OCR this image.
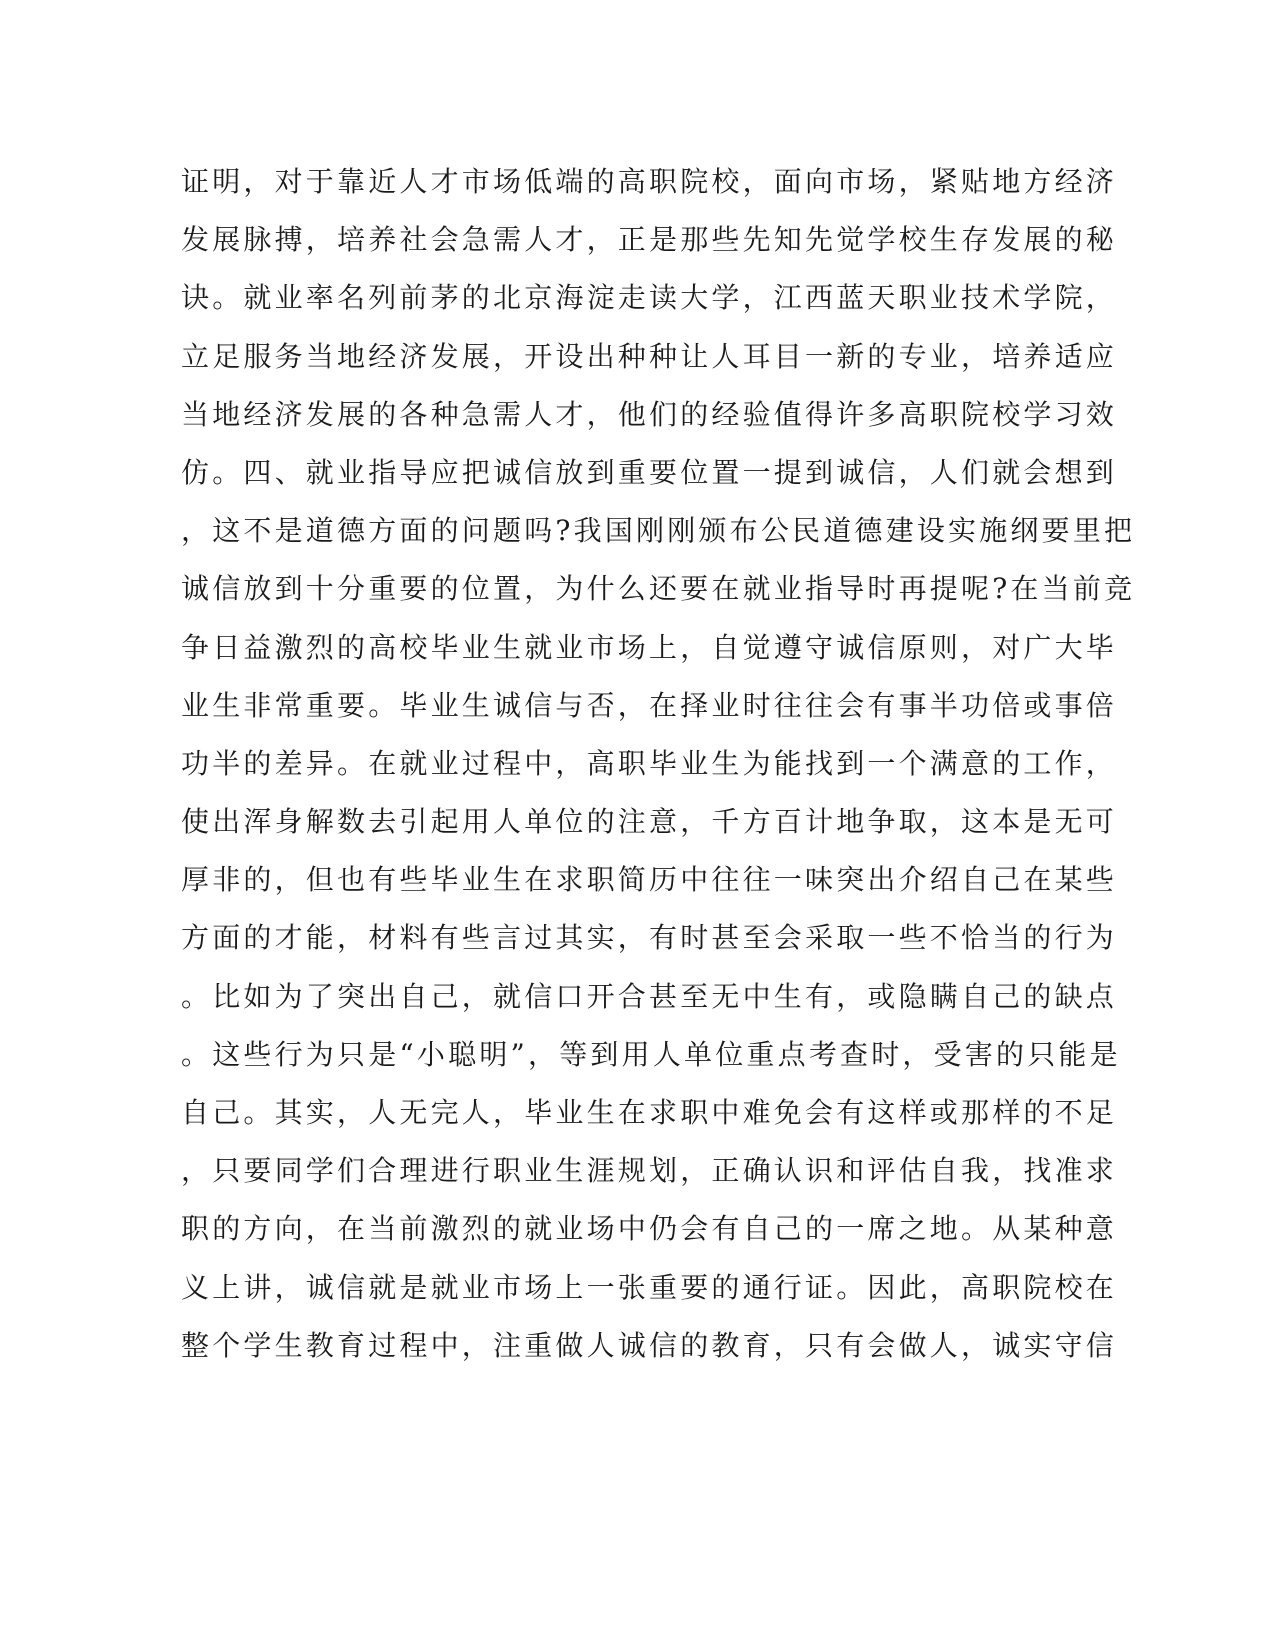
证明，对于靠近人才市场低端的高职院校，面向市场，紧贴地方经济
发展脉搏，培养社会急需人才，正是那些先知先觉学校生存发展的秘
诀。就业率名列前茅的北京海淀走读大学，江西蓝天职业技术学院，
立足服务当地经济发展，开设出种种让人耳目一新的专业，培养适应
当地经济发展的各种急需人才，他们的经验值得许多高职院校学习效
仿。四、就业指导应把诚信放到重要位置一提到诚信，人们就会想到
，这不是道德方面的问题吗?我国刚刚颁布公民道德建设实施纲要里把
诚信放到十分重要的位置，为什么还要在就业指导时再提呢?在当前竞
争日益激烈的高校毕业生就业市场上，自觉遵守诚信原则，对广大毕
业生非常重要。毕业生诚信与否，在择业时往往会有事半功倍或事倍
功半的差异。在就业过程中，高职毕业生为能找到一个满意的工作，
使出浑身解数去引起用人单位的注意，千方百计地争取，这本是无可
厚非的，但也有些毕业生在求职简历中往往一味突出介绍自己在某些
方面的才能，材料有些言过其实，有时甚至会采取一些不恰当的行为
。比如为了突出自己，就信口开合甚至无中生有，或隐瞒自己的缺点
。这些行为只是“小聪明”，等到用人单位重点考查时，受害的只能是
自己。其实，人无完人，毕业生在求职中难免会有这样或那样的不足
，只要同学们合理进行职业生涯规划，正确认识和评估自我，找准求
职的方向，在当前激烈的就业场中仍会有自己的一席之地。从某种意
义上讲，诚信就是就业市场上一张重要的通行证。因此，高职院校在
整个学生教育过程中，注重做人诚信的教育，只有会做人，诚实守信
